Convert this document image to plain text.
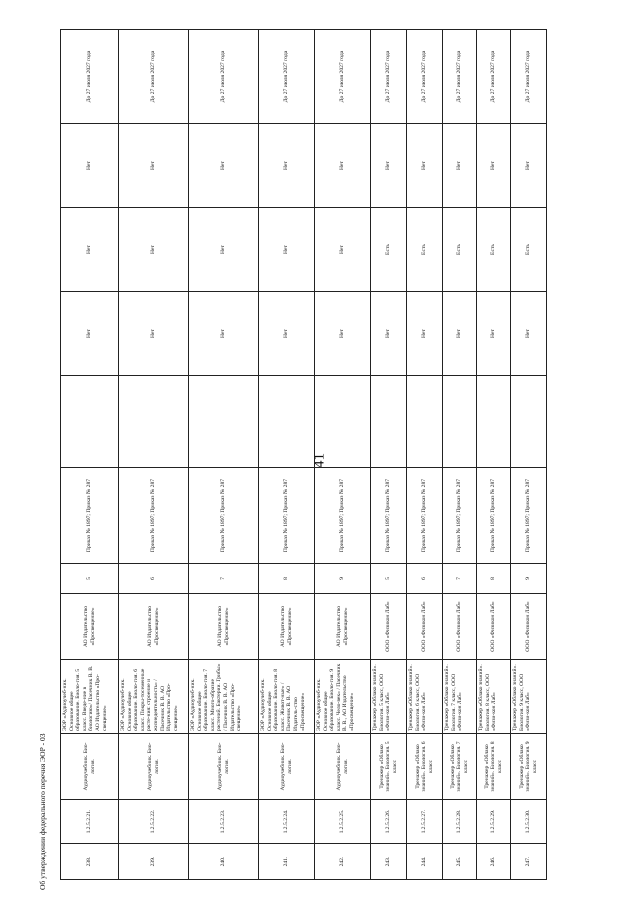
41
238.	1.2.5.2.21.	Аудиоучебник. Био-логия.	ЭОР «Аудиоучеб-ник. Основное общее образование. Биоло-гия. 5 класс. Введе-ние в биологию»/ Пасечник В. В. АО Издательство «Про-свещение»	АО Издательство «Просвещение»	5	Приказ № 1897; Приказ № 287		Нет	Нет	Нет	До 27 июля 2027 года
239.	1.2.5.2.22.	Аудиоучебник. Био-логия.	ЭОР «Аудиоучеб-ник. Основное общее образование. Биоло-гия. 6 класс. Покры-тосеменные расте-ния: строение и жизнедеятельность» / Пасечник В. В. АО Издательство «Про-свещение»	АО Издательство «Просвещение»	6	Приказ № 1897; Приказ № 287		Нет	Нет	Нет	До 27 июля 2027 года
240.	1.2.5.2.23.	Аудиоучебник. Био-логия.	ЭОР «Аудиоучеб-ник. Основное общее образование. Биоло-гия. 7 класс. Много-образие растений. Бактерии. Грибы» / Пасечник В. В. АО Издательство «Про-свещение»	АО Издательство «Просвещение»	7	Приказ № 1897; Приказ № 287		Нет	Нет	Нет	До 27 июля 2027 года
241.	1.2.5.2.24.	Аудиоучебник. Био-логия.	ЭОР «Аудиоучеб-ник. Основное общее образование. Биоло-гия. 8 класс. Живот-ные» / Пасечник В. В. АО Издатель-ство «Просвещение»	АО Издательство «Просвещение»	8	Приказ № 1897; Приказ № 287		Нет	Нет	Нет	До 27 июля 2027 года
242.	1.2.5.2.25.	Аудиоучебник. Био-логия.	ЭОР «Аудиоучеб-ник. Основное общее образование. Биоло-гия. 9 класс. Чело-век» / Пасечник В. В., АО Издательство «Просвещение»	АО Издательство «Просвещение»	9	Приказ № 1897; Приказ № 287		Нет	Нет	Нет	До 27 июля 2027 года
243.	1.2.5.2.26.	Тренажер «Облако знаний». Биология. 5 класс	Тренажер «Облако знаний». Биология. 5 класс, ООО «Физи-кон Лаб»	ООО «Физикон Лаб»	5	Приказ № 1897; Приказ № 287		Нет	Есть	Нет	До 27 июля 2027 года
244.	1.2.5.2.27.	Тренажер «Облако знаний». Биология. 6 класс	Тренажер «Облако знаний». Биология. 6 класс, ООО «Физи-кон Лаб»	ООО «Физикон Лаб»	6	Приказ № 1897; Приказ № 287		Нет	Есть	Нет	До 27 июля 2027 года
245.	1.2.5.2.28.	Тренажер «Облако знаний». Биология. 7 класс	Тренажер «Облако знаний». Биология. 7 класс, ООО «Физи-кон Лаб»	ООО «Физикон Лаб»	7	Приказ № 1897; Приказ № 287		Нет	Есть	Нет	До 27 июля 2027 года
246.	1.2.5.2.29.	Тренажер «Облако знаний». Биология. 8 класс	Тренажер «Облако знаний». Биология. 8 класс, ООО «Физи-кон Лаб»	ООО «Физикон Лаб»	8	Приказ № 1897; Приказ № 287		Нет	Есть	Нет	До 27 июля 2027 года
247.	1.2.5.2.30.	Тренажер «Облако знаний». Биология. 9 класс	Тренажер «Облако знаний». Биология. 9 класс, ООО «Физи-кон Лаб»	ООО «Физикон Лаб»	9	Приказ № 1897; Приказ № 287		Нет	Есть	Нет	До 27 июля 2027 года
Об утверждении федерального перечня ЭОР - 03
